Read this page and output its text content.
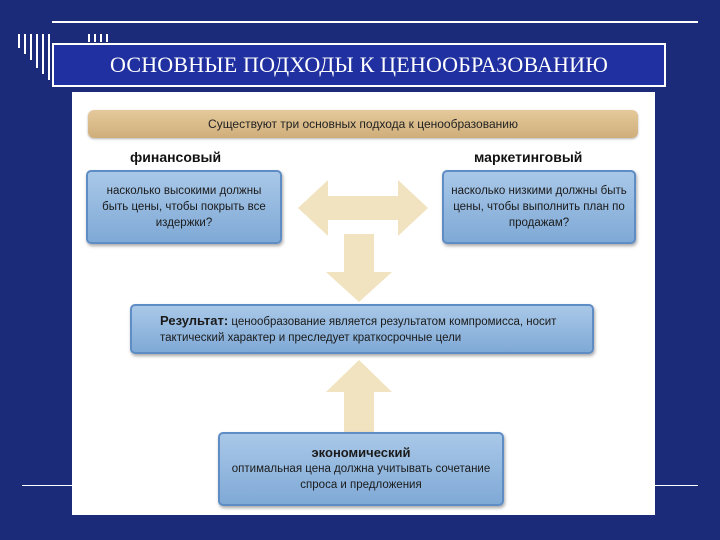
ОСНОВНЫЕ ПОДХОДЫ К ЦЕНООБРАЗОВАНИЮ
Существуют три основных подхода к ценообразованию
финансовый	маркетинговый
насколько высокими должны быть цены, чтобы покрыть все издержки?
насколько низкими должны быть цены, чтобы выполнить план по продажам?
Результат: ценообразование является результатом компромисса, носит тактический характер и преследует краткосрочные цели
экономический
оптимальная цена должна учитывать сочетание спроса и предложения
